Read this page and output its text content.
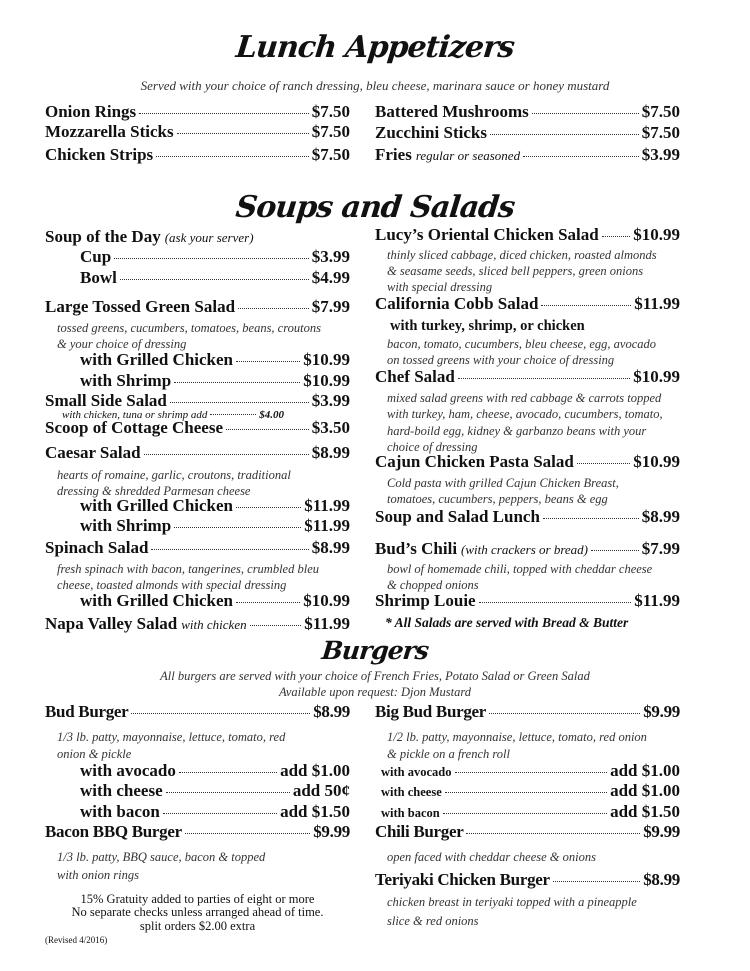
Lunch Appetizers
Served with your choice of ranch dressing, bleu cheese, marinara sauce or honey mustard
Soups and Salads
Burgers
All burgers are served with your choice of French Fries, Potato Salad or Green Salad
Available upon request: Djon Mustard
Onion Rings	$7.50
Mozzarella Sticks	$7.50
Chicken Strips	$7.50
Battered Mushrooms	$7.50
Zucchini Sticks	$7.50
Fries regular or seasoned	$3.99
Soup of the Day (ask your server)
Cup	$3.99
Bowl	$4.99
Large Tossed Green Salad	$7.99
tossed greens, cucumbers, tomatoes, beans, croutons
& your choice of dressing
with Grilled Chicken	$10.99
with Shrimp	$10.99
Small Side Salad	$3.99
with chicken, tuna or shrimp add	$4.00
Scoop of Cottage Cheese	$3.50
Caesar Salad	$8.99
hearts of romaine, garlic, croutons, traditional
dressing & shredded Parmesan cheese
with Grilled Chicken	$11.99
with Shrimp	$11.99
Spinach Salad	$8.99
fresh spinach with bacon, tangerines, crumbled bleu
cheese, toasted almonds with special dressing
with Grilled Chicken	$10.99
Napa Valley Salad with chicken	$11.99
Lucy’s Oriental Chicken Salad $10.99
thinly sliced cabbage, diced chicken, roasted almonds
& seasame seeds, sliced bell peppers, green onions
with special dressing
California Cobb Salad	$11.99
with turkey, shrimp, or chicken
bacon, tomato, cucumbers, bleu cheese, egg, avocado
on tossed greens with your choice of dressing
Chef Salad	$10.99
mixed salad greens with red cabbage & carrots topped
with turkey, ham, cheese, avocado, cucumbers, tomato,
hard-boild egg, kidney & garbanzo beans with your
choice of dressing
Cajun Chicken Pasta Salad	$10.99
Cold pasta with grilled Cajun Chicken Breast,
tomatoes, cucumbers, peppers, beans & egg
Soup and Salad Lunch	$8.99
Bud’s Chili (with crackers or bread)	$7.99
bowl of homemade chili, topped with cheddar cheese
& chopped onions
Shrimp Louie	$11.99
* All Salads are served with Bread & Butter
Bud Burger	$8.99
1/3 lb. patty, mayonnaise, lettuce, tomato, red
onion & pickle
with avocado	add $1.00
with cheese	add 50¢
with bacon	add $1.50
Bacon BBQ Burger	$9.99
1/3 lb. patty, BBQ sauce, bacon & topped
with onion rings
15% Gratuity added to parties of eight or more
No separate checks unless arranged ahead of time.
split orders $2.00 extra
(Revised 4/2016)
Big Bud Burger	$9.99
1/2 lb. patty, mayonnaise, lettuce, tomato, red onion
& pickle on a french roll
with avocado	add $1.00
with cheese	add $1.00
with bacon	add $1.50
Chili Burger	$9.99
open faced with cheddar cheese & onions
Teriyaki Chicken Burger	$8.99
chicken breast in teriyaki topped with a pineapple
slice & red onions
